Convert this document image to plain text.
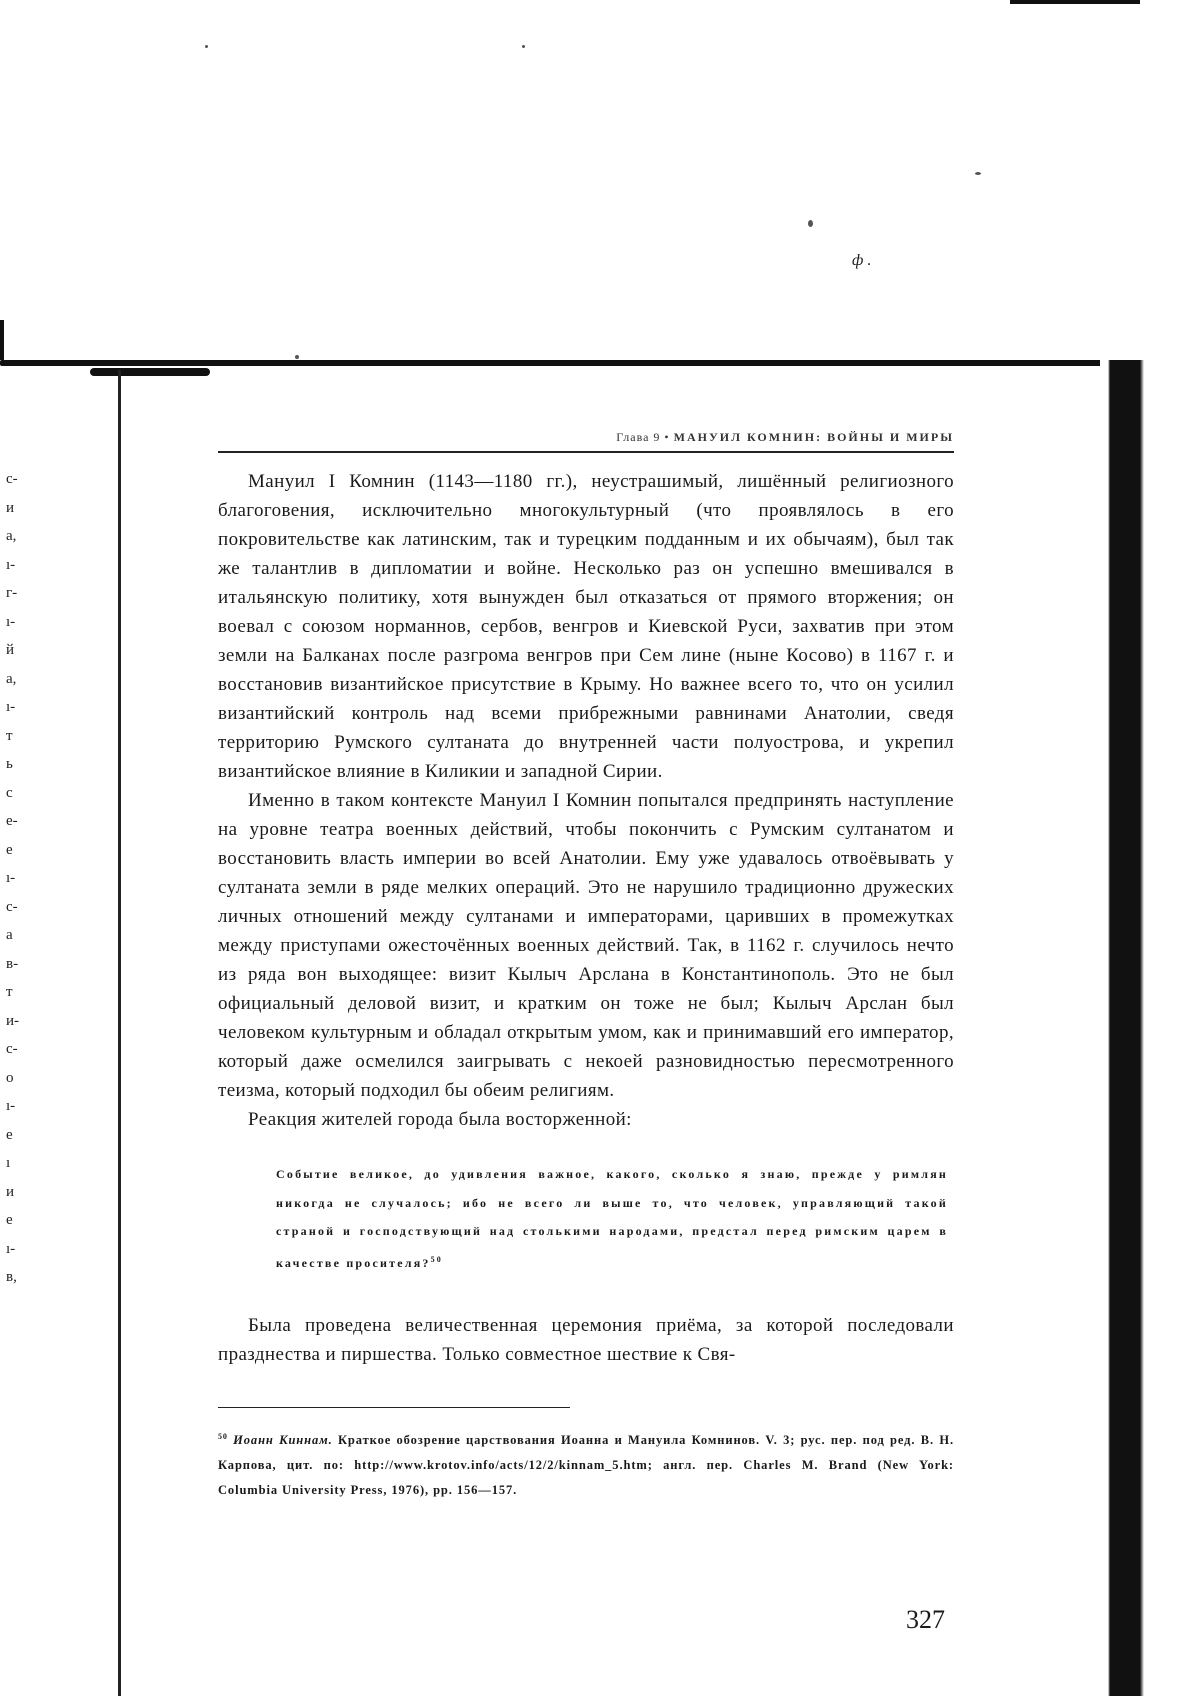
ф .
с-
и
а,
ı-
г-
ı-
й
а,
ı-
т
ь
с
е-
е
ı-
с-
а
в-
т
и-
с-
о
ı-
е
ı
и
е
ı-
в,
Глава 9 • МАНУИЛ КОМНИН: ВОЙНЫ И МИРЫ

Мануил I Комнин (1143—1180 гг.), неустрашимый, лишённый религиозного благоговения, исключительно многокультурный (что проявлялось в его покровительстве как латинским, так и турецким подданным и их обычаям), был так же талантлив в дипломатии и войне. Несколько раз он успешно вмешивался в итальянскую политику, хотя вынужден был отказаться от прямого вторжения; он воевал с союзом норманнов, сербов, венгров и Киевской Руси, захватив при этом земли на Балканах после разгрома венгров при Сем лине (ныне Косово) в 1167 г. и восстановив византийское присутствие в Крыму. Но важнее всего то, что он усилил византийский контроль над всеми прибрежными равнинами Анатолии, сведя территорию Румского султаната до внутренней части полуострова, и укрепил византийское влияние в Киликии и западной Сирии.

Именно в таком контексте Мануил I Комнин попытался предпринять наступление на уровне театра военных действий, чтобы покончить с Румским султанатом и восстановить власть империи во всей Анатолии. Ему уже удавалось отвоёвывать у султаната земли в ряде мелких операций. Это не нарушило традиционно дружеских личных отношений между султанами и императорами, царивших в промежутках между приступами ожесточённых военных действий. Так, в 1162 г. случилось нечто из ряда вон выходящее: визит Кылыч Арслана в Константинополь. Это не был официальный деловой визит, и кратким он тоже не был; Кылыч Арслан был человеком культурным и обладал открытым умом, как и принимавший его император, который даже осмелился заигрывать с некоей разновидностью пересмотренного теизма, который подходил бы обеим религиям.

Реакция жителей города была восторженной:

Событие великое, до удивления важное, какого, сколько я знаю, прежде у римлян никогда не случалось; ибо не всего ли выше то, что человек, управляющий такой страной и господствующий над столькими народами, предстал перед римским царем в качестве просителя?$^{50}$

Была проведена величественная церемония приёма, за которой последовали празднества и пиршества. Только совместное шествие к Свя-

$^{50}$ Иоанн Киннам. Краткое обозрение царствования Иоанна и Мануила Комнинов. V. 3; рус. пер. под ред. В. Н. Карпова, цит. по: http://www.krotov.info/acts/12/2/kinnam_5.htm; англ. пер. Charles M. Brand (New York: Columbia University Press, 1976), pp. 156—157.
327
